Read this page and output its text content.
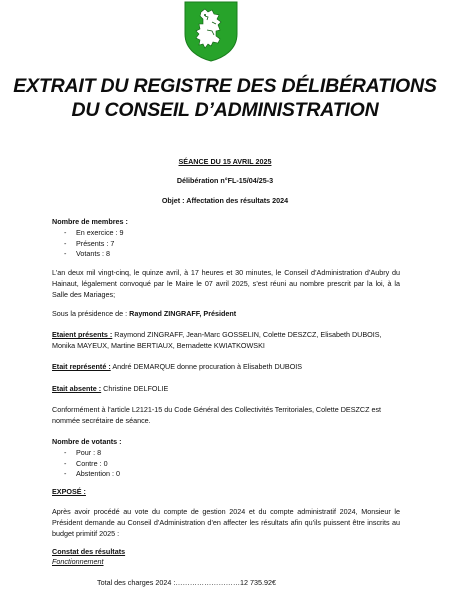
EXTRAIT DU REGISTRE DES DÉLIBÉRATIONS
DU CONSEIL D’ADMINISTRATION
SÉANCE DU 15 AVRIL 2025
Délibération n°FL-15/04/25-3
Objet : Affectation des résultats 2024
Nombre de membres :
- En exercice : 9
- Présents : 7
- Votants : 8
L’an deux mil vingt-cinq, le quinze avril, à 17 heures et 30 minutes, le Conseil d’Administration d’Aubry du Hainaut, légalement convoqué par le Maire le 07 avril 2025, s’est réuni au nombre prescrit par la loi, à la Salle des Mariages;
Sous la présidence de : Raymond ZINGRAFF, Président
Etaient présents : Raymond ZINGRAFF, Jean-Marc GOSSELIN, Colette DESZCZ, Elisabeth DUBOIS, Monika MAYEUX, Martine BERTIAUX, Bernadette KWIATKOWSKI
Etait représenté : André DEMARQUE donne procuration à Elisabeth DUBOIS
Etait absente : Christine DELFOLIE
Conformément à l’article L2121-15 du Code Général des Collectivités Territoriales, Colette DESZCZ est nommée secrétaire de séance.
Nombre de votants :
- Pour : 8
- Contre : 0
- Abstention : 0
EXPOSÉ :
Après avoir procédé au vote du compte de gestion 2024 et du compte administratif 2024, Monsieur le Président demande au Conseil d’Administration d’en affecter les résultats afin qu’ils puissent être inscrits au budget primitif 2025 :
Constat des résultats
Fonctionnement
Total des charges 2024 :………………………12 735.92€
